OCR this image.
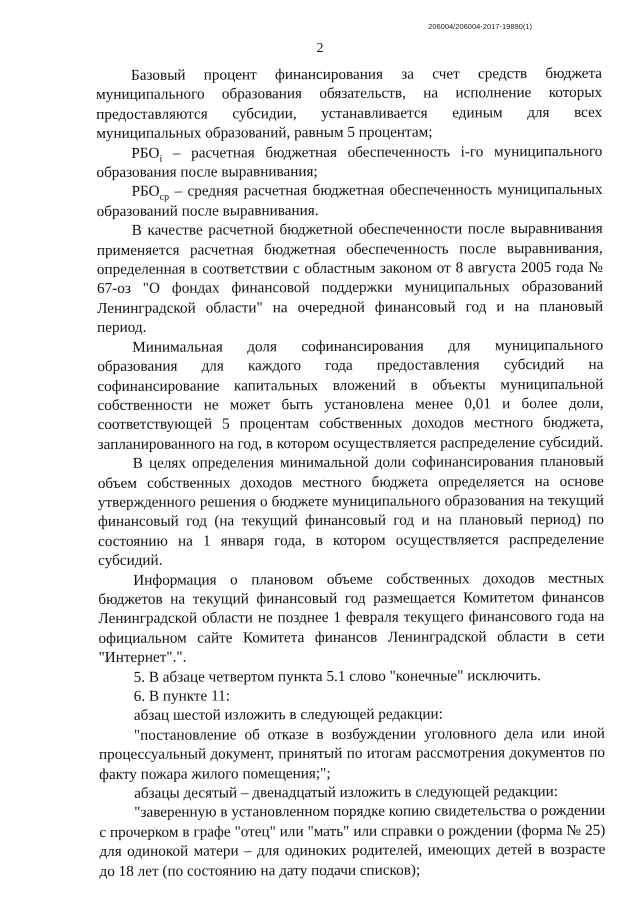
206004/206004-2017-19890(1)
2

Базовый процент финансирования за счет средств бюджета муниципального образования обязательств, на исполнение которых предоставляются субсидии, устанавливается единым для всех муниципальных образований, равным 5 процентам;

$РБО_i$ – расчетная бюджетная обеспеченность i-го муниципального образования после выравнивания;

$РБО_{ср}$ – средняя расчетная бюджетная обеспеченность муниципальных образований после выравнивания.

В качестве расчетной бюджетной обеспеченности после выравнивания применяется расчетная бюджетная обеспеченность после выравнивания, определенная в соответствии с областным законом от 8 августа 2005 года № 67-оз "О фондах финансовой поддержки муниципальных образований Ленинградской области" на очередной финансовый год и на плановый период.

Минимальная доля софинансирования для муниципального образования для каждого года предоставления субсидий на софинансирование капитальных вложений в объекты муниципальной собственности не может быть установлена менее 0,01 и более доли, соответствующей 5 процентам собственных доходов местного бюджета, запланированного на год, в котором осуществляется распределение субсидий.

В целях определения минимальной доли софинансирования плановый объем собственных доходов местного бюджета определяется на основе утвержденного решения о бюджете муниципального образования на текущий финансовый год (на текущий финансовый год и на плановый период) по состоянию на 1 января года, в котором осуществляется распределение субсидий.

Информация о плановом объеме собственных доходов местных бюджетов на текущий финансовый год размещается Комитетом финансов Ленинградской области не позднее 1 февраля текущего финансового года на официальном сайте Комитета финансов Ленинградской области в сети "Интернет".".

5. В абзаце четвертом пункта 5.1 слово "конечные" исключить.

6. В пункте 11:

абзац шестой изложить в следующей редакции:

"постановление об отказе в возбуждении уголовного дела или иной процессуальный документ, принятый по итогам рассмотрения документов по факту пожара жилого помещения;";

абзацы десятый – двенадцатый изложить в следующей редакции:

"заверенную в установленном порядке копию свидетельства о рождении с прочерком в графе "отец" или "мать" или справки о рождении (форма № 25) для одинокой матери – для одиноких родителей, имеющих детей в возрасте до 18 лет (по состоянию на дату подачи списков);
